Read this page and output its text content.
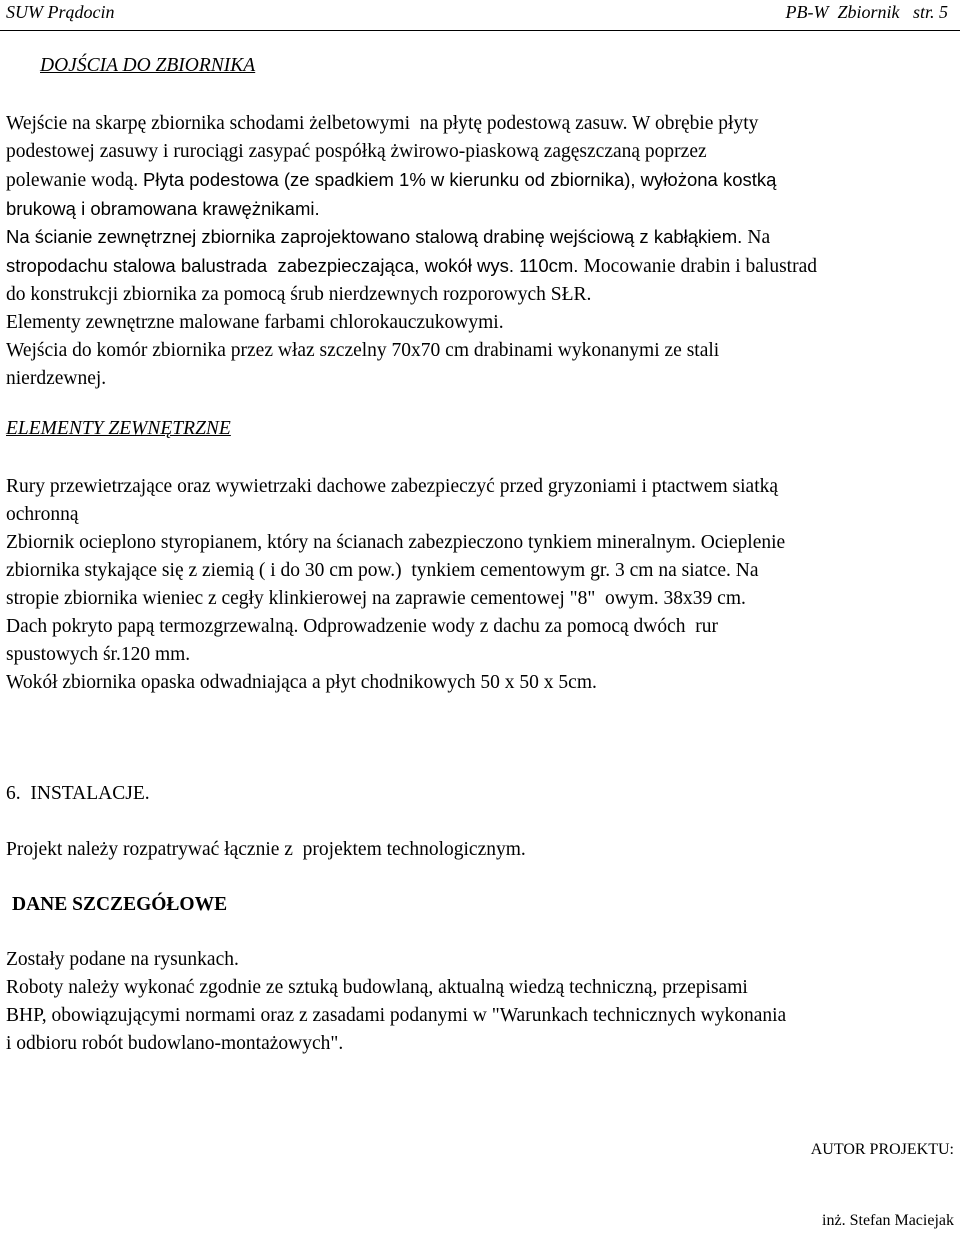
SUW Prądocin	PB-W  Zbiornik   str. 5
DOJŚCIA DO ZBIORNIKA
Wejście na skarpę zbiornika schodami żelbetowymi  na płytę podestową zasuw. W obrębie płyty
podestowej zasuwy i rurociągi zasypać pospółką żwirowo-piaskową zagęszczaną poprzez
polewanie wodą. Płyta podestowa (ze spadkiem 1% w kierunku od zbiornika), wyłożona kostką
brukową i obramowana krawężnikami.
Na ścianie zewnętrznej zbiornika zaprojektowano stalową drabinę wejściową z kabłąkiem. Na
stropodachu stalowa balustrada  zabezpieczająca, wokół wys. 110cm. Mocowanie drabin i balustrad
do konstrukcji zbiornika za pomocą śrub nierdzewnych rozporowych SŁR.
Elementy zewnętrzne malowane farbami chlorokauczukowymi.
Wejścia do komór zbiornika przez właz szczelny 70x70 cm drabinami wykonanymi ze stali
nierdzewnej.
ELEMENTY ZEWNĘTRZNE
Rury przewietrzające oraz wywietrzaki dachowe zabezpieczyć przed gryzoniami i ptactwem siatką
ochronną
Zbiornik ocieplono styropianem, który na ścianach zabezpieczono tynkiem mineralnym. Ocieplenie
zbiornika stykające się z ziemią ( i do 30 cm pow.)  tynkiem cementowym gr. 3 cm na siatce. Na
stropie zbiornika wieniec z cegły klinkierowej na zaprawie cementowej "8"  owym. 38x39 cm.
Dach pokryto papą termozgrzewalną. Odprowadzenie wody z dachu za pomocą dwóch  rur
spustowych śr.120 mm.
Wokół zbiornika opaska odwadniająca a płyt chodnikowych 50 x 50 x 5cm.
6.  INSTALACJE.
Projekt należy rozpatrywać łącznie z  projektem technologicznym.
DANE SZCZEGÓŁOWE
Zostały podane na rysunkach.
Roboty należy wykonać zgodnie ze sztuką budowlaną, aktualną wiedzą techniczną, przepisami
BHP, obowiązującymi normami oraz z zasadami podanymi w "Warunkach technicznych wykonania
i odbioru robót budowlano-montażowych".
AUTOR PROJEKTU:
inż. Stefan Maciejak
